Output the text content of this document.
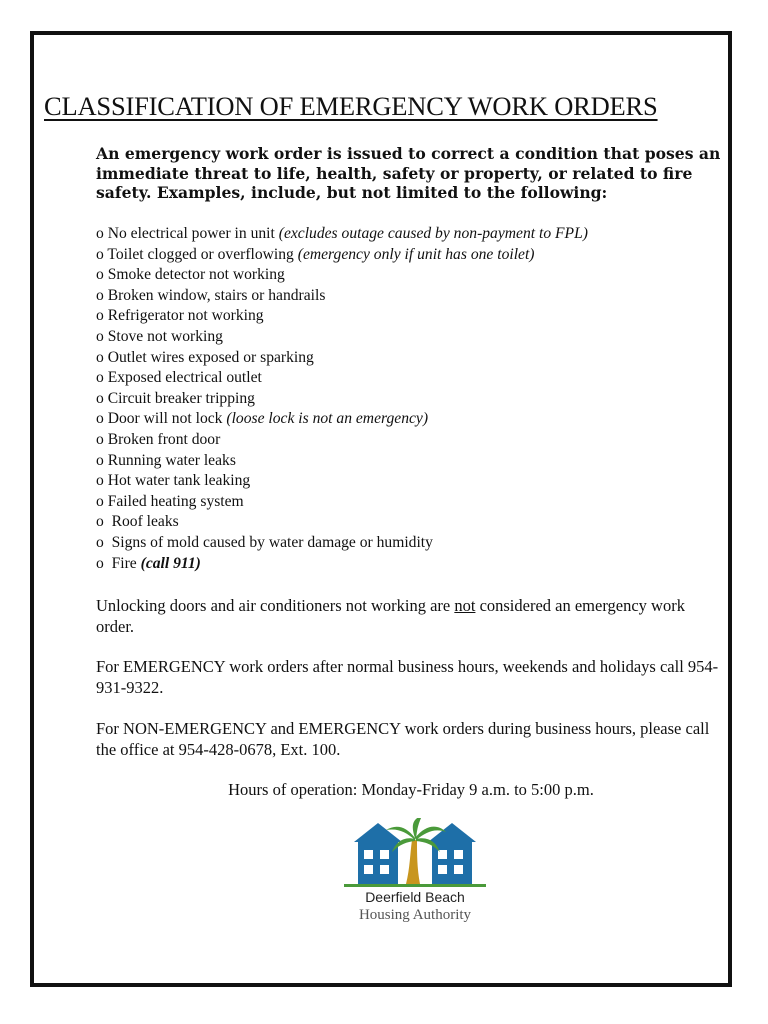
CLASSIFICATION OF EMERGENCY WORK ORDERS

An emergency work order is issued to correct a condition that poses an immediate threat to life, health, safety or property, or related to fire safety. Examples, include, but not limited to the following:

o No electrical power in unit (excludes outage caused by non-payment to FPL)
o Toilet clogged or overflowing (emergency only if unit has one toilet)
o Smoke detector not working
o Broken window, stairs or handrails
o Refrigerator not working
o Stove not working
o Outlet wires exposed or sparking
o Exposed electrical outlet
o Circuit breaker tripping
o Door will not lock (loose lock is not an emergency)
o Broken front door
o Running water leaks
o Hot water tank leaking
o Failed heating system
o Roof leaks
o Signs of mold caused by water damage or humidity
o Fire (call 911)

Unlocking doors and air conditioners not working are not considered an emergency work order.

For EMERGENCY work orders after normal business hours, weekends and holidays call 954-931-9322.

For NON-EMERGENCY and EMERGENCY work orders during business hours, please call the office at 954-428-0678, Ext. 100.

Hours of operation: Monday-Friday 9 a.m. to 5:00 p.m.

Deerfield Beach
Housing Authority
